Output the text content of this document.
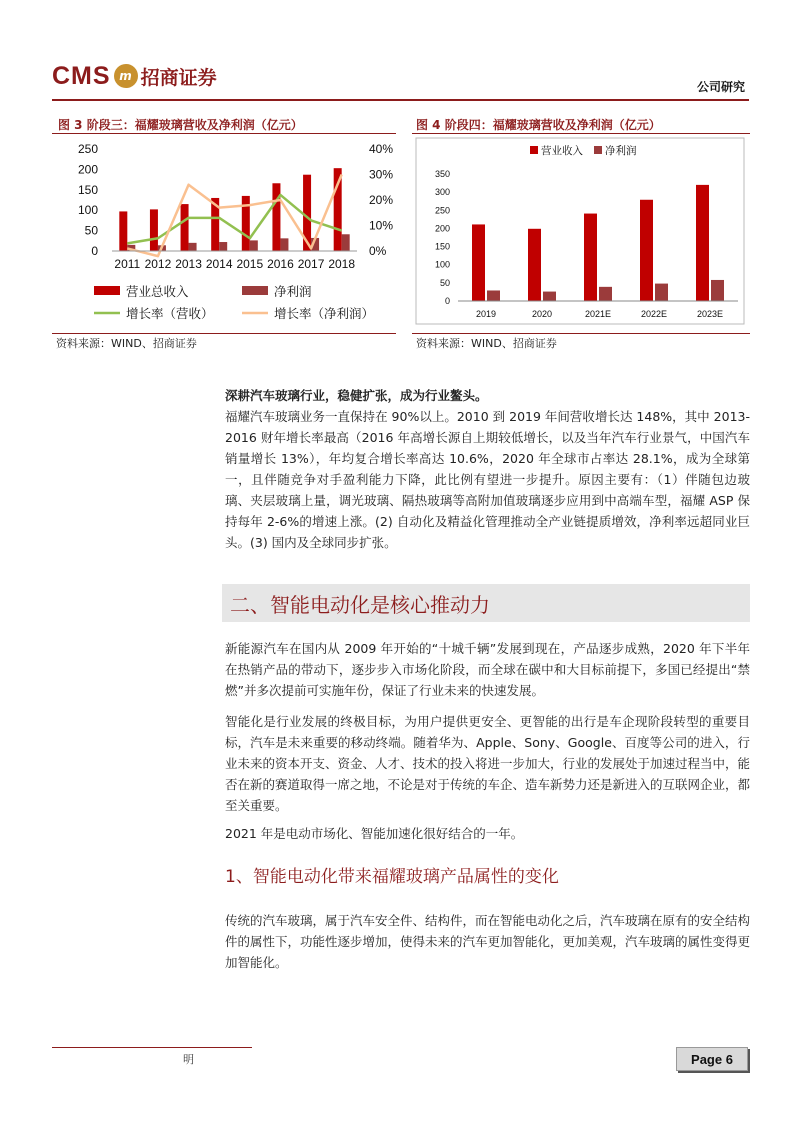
CMS m 招商证券	公司研究
图 3 阶段三：福耀玻璃营收及净利润（亿元）
0
50
100
150
200
250
0%
10%
20%
30%
40%
2011 2012 2013 2014 2015 2016 2017 2018
营业总收入	净利润
增长率（营收）	增长率（净利润）
资料来源：WIND、招商证券
图 4 阶段四：福耀玻璃营收及净利润（亿元）
0
50
100
150
200
250
300
350
2019	2020	2021E	2022E	2023E
营业收入 净利润
资料来源：WIND、招商证券
深耕汽车玻璃行业，稳健扩张，成为行业鳌头。
福耀汽车玻璃业务一直保持在 90%以上。2010 到 2019 年间营收增长达 148%，其中 2013-2016 财年增长率最高（2016 年高增长源自上期较低增长，以及当年汽车行业景气，中国汽车销量增长 13%），年均复合增长率高达 10.6%，2020 年全球市占率达 28.1%，成为全球第一，且伴随竞争对手盈利能力下降，此比例有望进一步提升。原因主要有：（1）伴随包边玻璃、夹层玻璃上量，调光玻璃、隔热玻璃等高附加值玻璃逐步应用到中高端车型，福耀 ASP 保持每年 2-6%的增速上涨。(2) 自动化及精益化管理推动全产业链提质增效，净利率远超同业巨头。(3) 国内及全球同步扩张。
二、智能电动化是核心推动力
新能源汽车在国内从 2009 年开始的“十城千辆”发展到现在，产品逐步成熟，2020 年下半年在热销产品的带动下，逐步步入市场化阶段，而全球在碳中和大目标前提下，多国已经提出“禁燃”并多次提前可实施年份，保证了行业未来的快速发展。
智能化是行业发展的终极目标，为用户提供更安全、更智能的出行是车企现阶段转型的重要目标，汽车是未来重要的移动终端。随着华为、Apple、Sony、Google、百度等公司的进入，行业未来的资本开支、资金、人才、技术的投入将进一步加大，行业的发展处于加速过程当中，能否在新的赛道取得一席之地，不论是对于传统的车企、造车新势力还是新进入的互联网企业，都至关重要。
2021 年是电动市场化、智能加速化很好结合的一年。
1、智能电动化带来福耀玻璃产品属性的变化
传统的汽车玻璃，属于汽车安全件、结构件，而在智能电动化之后，汽车玻璃在原有的安全结构件的属性下，功能性逐步增加，使得未来的汽车更加智能化，更加美观，汽车玻璃的属性变得更加智能化。
明	Page 6
